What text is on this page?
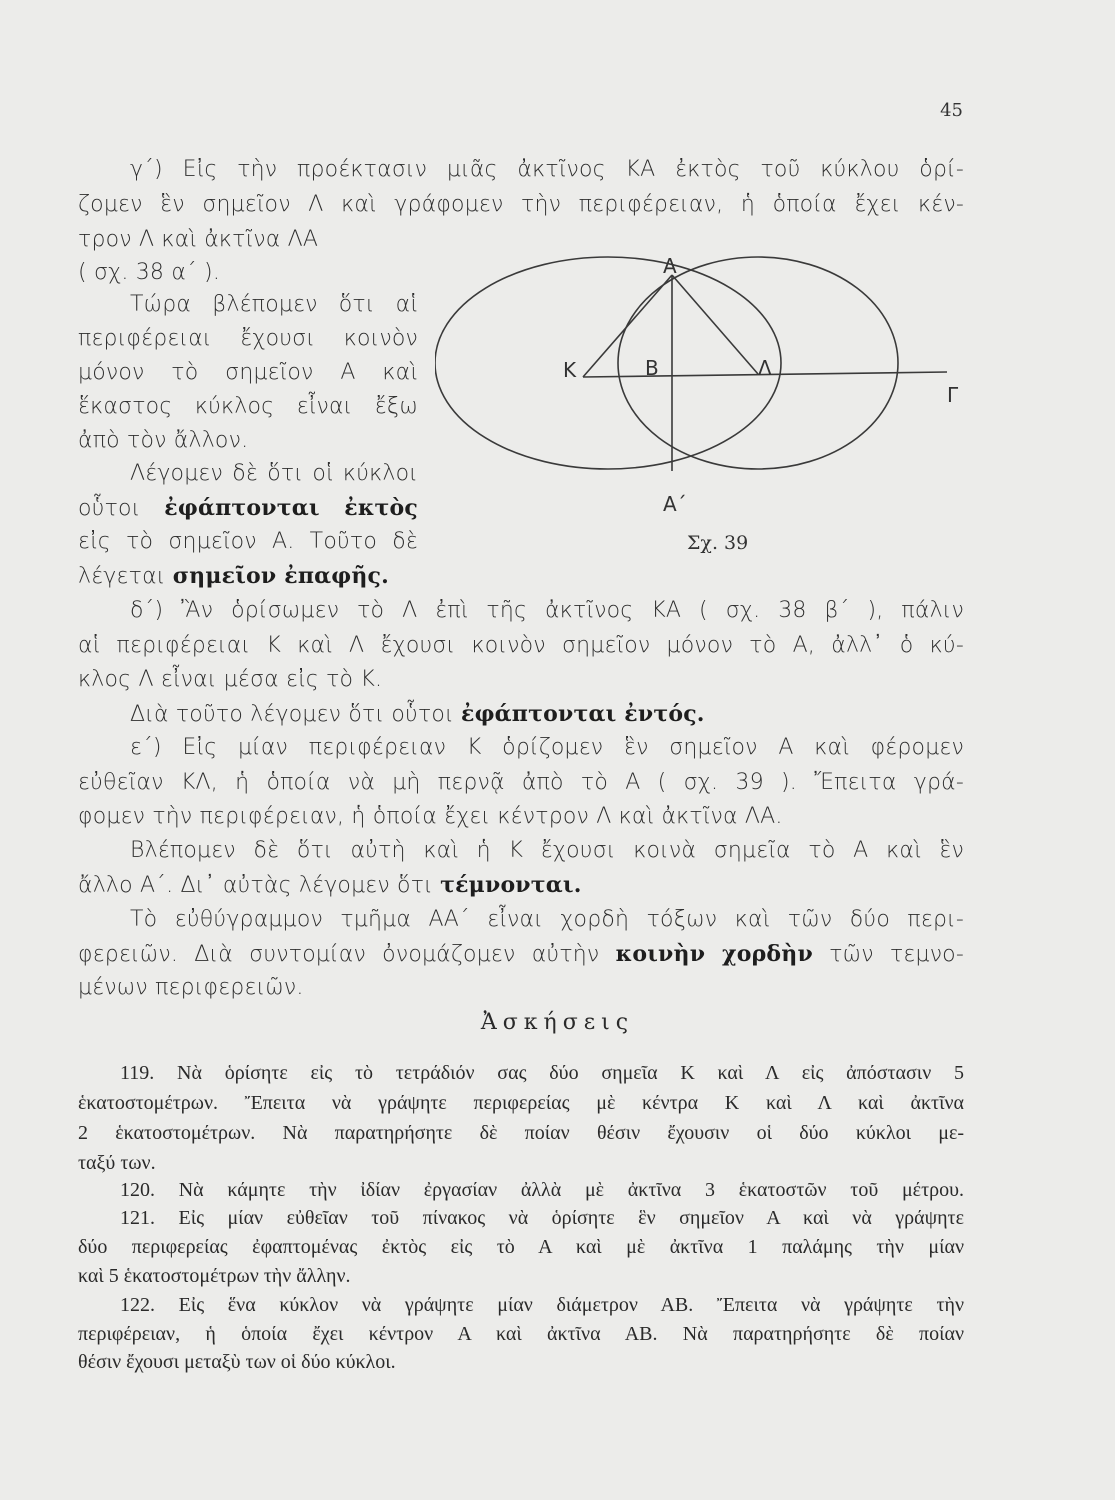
45
γ΄) Εἰς τὴν προέκτασιν μιᾶς ἀκτῖνος ΚΑ ἐκτὸς τοῦ κύκλου ὁρί-
ζομεν ἓν σημεῖον Λ καὶ γράφομεν τὴν περιφέρειαν, ἡ ὁποία ἔχει κέν-
τρον Λ καὶ ἀκτῖνα ΛΑ
( σχ. 38 α΄ ).
Τώρα βλέπομεν ὅτι αἱ
περιφέρειαι ἔχουσι κοινὸν
μόνον τὸ σημεῖον Α καὶ
ἕκαστος κύκλος εἶναι ἔξω
ἀπὸ τὸν ἄλλον.
Λέγομεν δὲ ὅτι οἱ κύκλοι
οὗτοι ἐφάπτονται ἐκτὸς
εἰς τὸ σημεῖον Α. Τοῦτο δὲ
λέγεται σημεῖον ἐπαφῆς.
δ΄) Ἂν ὁρίσωμεν τὸ Λ ἐπὶ τῆς ἀκτῖνος ΚΑ ( σχ. 38 β΄ ), πάλιν
αἱ περιφέρειαι Κ καὶ Λ ἔχουσι κοινὸν σημεῖον μόνον τὸ Α, ἀλλ᾽ ὁ κύ-
κλος Λ εἶναι μέσα εἰς τὸ Κ.
Διὰ τοῦτο λέγομεν ὅτι οὗτοι ἐφάπτονται ἐντός.
ε΄) Εἰς μίαν περιφέρειαν Κ ὁρίζομεν ἓν σημεῖον Α καὶ φέρομεν
εὐθεῖαν ΚΛ, ἡ ὁποία νὰ μὴ περνᾷ ἀπὸ τὸ Α ( σχ. 39 ). Ἔπειτα γρά-
φομεν τὴν περιφέρειαν, ἡ ὁποία ἔχει κέντρον Λ καὶ ἀκτῖνα ΛΑ.
Βλέπομεν δὲ ὅτι αὐτὴ καὶ ἡ Κ ἔχουσι κοινὰ σημεῖα τὸ Α καὶ ἓν
ἄλλο Α΄. Δι᾽ αὐτὰς λέγομεν ὅτι τέμνονται.
Τὸ εὐθύγραμμον τμῆμα ΑΑ΄ εἶναι χορδὴ τόξων καὶ τῶν δύο περι-
φερειῶν. Διὰ συντομίαν ὀνομάζομεν αὐτὴν κοινὴν χορδὴν τῶν τεμνο-
μένων περιφερειῶν.
Α
Κ	Β	Λ
Γ
Α΄
Σχ. 39
Ἀσκήσεις
119. Νὰ ὁρίσητε εἰς τὸ τετράδιόν σας δύο σημεῖα Κ καὶ Λ εἰς ἀπόστασιν 5
ἑκατοστομέτρων. Ἔπειτα νὰ γράψητε περιφερείας μὲ κέντρα Κ καὶ Λ καὶ ἀκτῖνα
2 ἑκατοστομέτρων. Νὰ παρατηρήσητε δὲ ποίαν θέσιν ἔχουσιν οἱ δύο κύκλοι με-
ταξύ των.
120. Νὰ κάμητε τὴν ἰδίαν ἐργασίαν ἀλλὰ μὲ ἀκτῖνα 3 ἑκατοστῶν τοῦ μέτρου.
121. Εἰς μίαν εὐθεῖαν τοῦ πίνακος νὰ ὁρίσητε ἓν σημεῖον Α καὶ νὰ γράψητε
δύο περιφερείας ἐφαπτομένας ἐκτὸς εἰς τὸ Α καὶ μὲ ἀκτῖνα 1 παλάμης τὴν μίαν
καὶ 5 ἑκατοστομέτρων τὴν ἄλλην.
122. Εἰς ἕνα κύκλον νὰ γράψητε μίαν διάμετρον ΑΒ. Ἔπειτα νὰ γράψητε τὴν
περιφέρειαν, ἡ ὁποία ἔχει κέντρον Α καὶ ἀκτῖνα ΑΒ. Νὰ παρατηρήσητε δὲ ποίαν
θέσιν ἔχουσι μεταξὺ των οἱ δύο κύκλοι.
